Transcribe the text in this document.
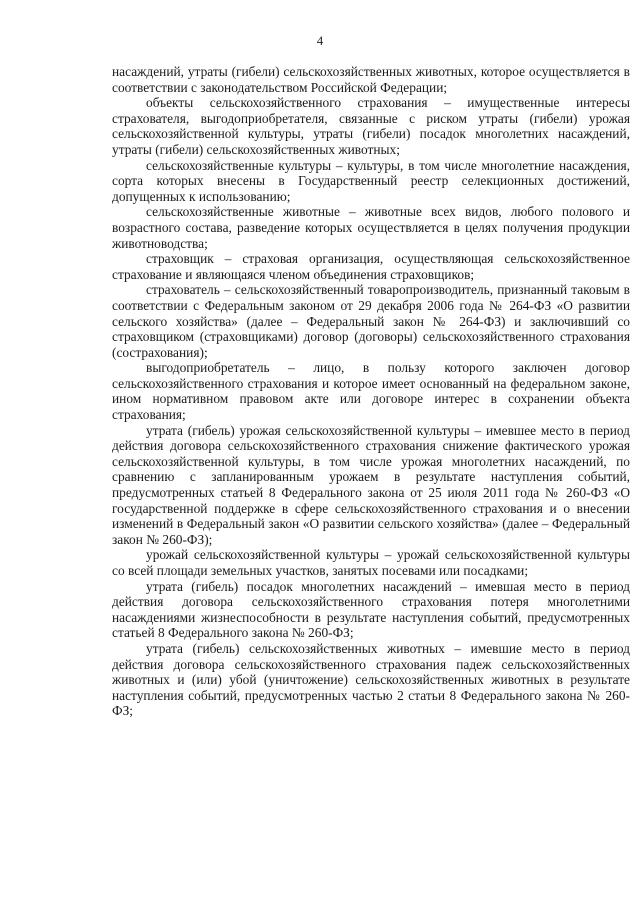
4

насаждений, утраты (гибели) сельскохозяйственных животных, которое осуществляется в соответствии с законодательством Российской Федерации;

объекты сельскохозяйственного страхования – имущественные интересы страхователя, выгодоприобретателя, связанные с риском утраты (гибели) урожая сельскохозяйственной культуры, утраты (гибели) посадок многолетних насаждений, утраты (гибели) сельскохозяйственных животных;

сельскохозяйственные культуры – культуры, в том числе многолетние насаждения, сорта которых внесены в Государственный реестр селекционных достижений, допущенных к использованию;

сельскохозяйственные животные – животные всех видов, любого полового и возрастного состава, разведение которых осуществляется в целях получения продукции животноводства;

страховщик – страховая организация, осуществляющая сельскохозяйственное страхование и являющаяся членом объединения страховщиков;

страхователь – сельскохозяйственный товаропроизводитель, признанный таковым в соответствии с Федеральным законом от 29 декабря 2006 года № 264-ФЗ «О развитии сельского хозяйства» (далее – Федеральный закон № 264-ФЗ) и заключивший со страховщиком (страховщиками) договор (договоры) сельскохозяйственного страхования (сострахования);

выгодоприобретатель – лицо, в пользу которого заключен договор сельскохозяйственного страхования и которое имеет основанный на федеральном законе, ином нормативном правовом акте или договоре интерес в сохранении объекта страхования;

утрата (гибель) урожая сельскохозяйственной культуры – имевшее место в период действия договора сельскохозяйственного страхования снижение фактического урожая сельскохозяйственной культуры, в том числе урожая многолетних насаждений, по сравнению с запланированным урожаем в результате наступления событий, предусмотренных статьей 8 Федерального закона от 25 июля 2011 года № 260-ФЗ «О государственной поддержке в сфере сельскохозяйственного страхования и о внесении изменений в Федеральный закон «О развитии сельского хозяйства» (далее – Федеральный закон № 260-ФЗ);

урожай сельскохозяйственной культуры – урожай сельскохозяйственной культуры со всей площади земельных участков, занятых посевами или посадками;

утрата (гибель) посадок многолетних насаждений – имевшая место в период действия договора сельскохозяйственного страхования потеря многолетними насаждениями жизнеспособности в результате наступления событий, предусмотренных статьей 8 Федерального закона № 260-ФЗ;

утрата (гибель) сельскохозяйственных животных – имевшие место в период действия договора сельскохозяйственного страхования падеж сельскохозяйственных животных и (или) убой (уничтожение) сельскохозяйственных животных в результате наступления событий, предусмотренных частью 2 статьи 8 Федерального закона № 260-ФЗ;
